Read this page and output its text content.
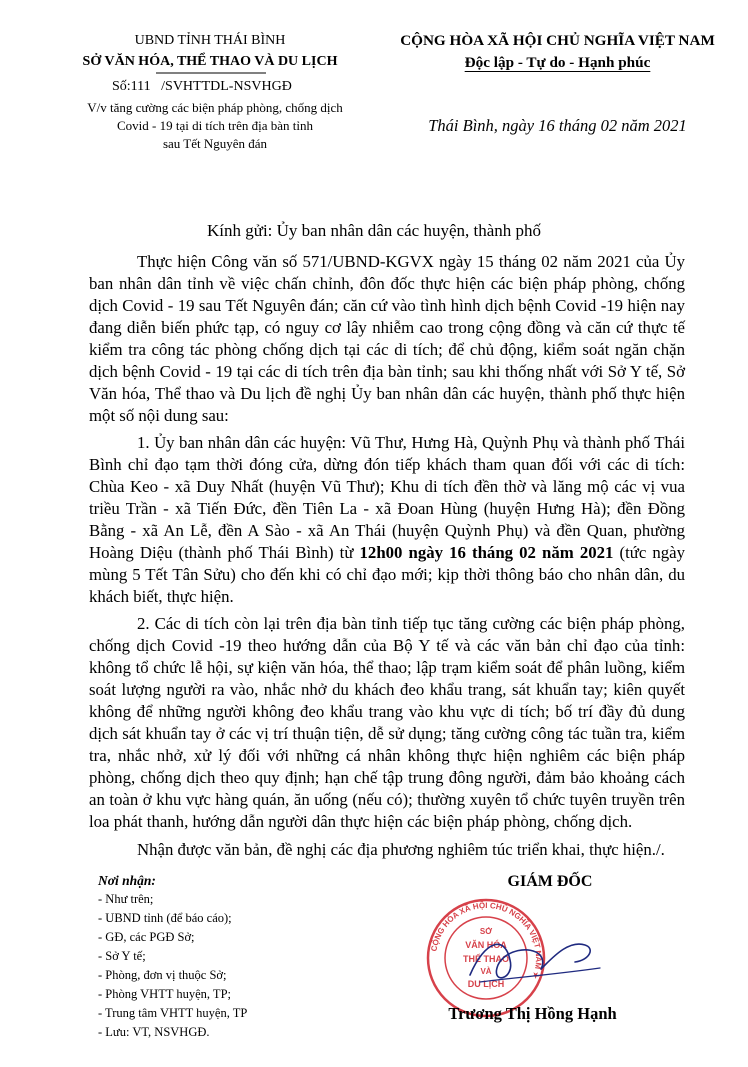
UBND TỈNH THÁI BÌNH
SỞ VĂN HÓA, THỂ THAO VÀ DU LỊCH
Số:111   /SVHTTDL-NSVHGĐ
V/v tăng cường các biện pháp phòng, chống dịch
Covid - 19 tại di tích trên địa bàn tỉnh
sau Tết Nguyên đán
CỘNG HÒA XÃ HỘI CHỦ NGHĨA VIỆT NAM
Độc lập - Tự do - Hạnh phúc
Thái Bình, ngày 16 tháng 02 năm 2021
Kính gửi: Ủy ban nhân dân các huyện, thành phố

Thực hiện Công văn số 571/UBND-KGVX ngày 15 tháng 02 năm 2021 của Ủy ban nhân dân tỉnh về việc chấn chỉnh, đôn đốc thực hiện các biện pháp phòng, chống dịch Covid - 19 sau Tết Nguyên đán; căn cứ vào tình hình dịch bệnh Covid -19 hiện nay đang diễn biến phức tạp, có nguy cơ lây nhiễm cao trong cộng đồng và căn cứ thực tế kiểm tra công tác phòng chống dịch tại các di tích; để chủ động, kiểm soát ngăn chặn dịch bệnh Covid - 19 tại các di tích trên địa bàn tỉnh; sau khi thống nhất với Sở Y tế, Sở Văn hóa, Thể thao và Du lịch đề nghị Ủy ban nhân dân các huyện, thành phố thực hiện một số nội dung sau:

1. Ủy ban nhân dân các huyện: Vũ Thư, Hưng Hà, Quỳnh Phụ và thành phố Thái Bình chỉ đạo tạm thời đóng cửa, dừng đón tiếp khách tham quan đối với các di tích: Chùa Keo - xã Duy Nhất (huyện Vũ Thư); Khu di tích đền thờ và lăng mộ các vị vua triều Trần - xã Tiến Đức, đền Tiên La - xã Đoan Hùng (huyện Hưng Hà); đền Đồng Bằng - xã An Lễ, đền A Sào - xã An Thái (huyện Quỳnh Phụ) và đền Quan, phường Hoàng Diệu (thành phố Thái Bình) từ 12h00 ngày 16 tháng 02 năm 2021 (tức ngày mùng 5 Tết Tân Sửu) cho đến khi có chỉ đạo mới; kịp thời thông báo cho nhân dân, du khách biết, thực hiện.

2. Các di tích còn lại trên địa bàn tỉnh tiếp tục tăng cường các biện pháp phòng, chống dịch Covid -19 theo hướng dẫn của Bộ Y tế và các văn bản chỉ đạo của tỉnh: không tổ chức lễ hội, sự kiện văn hóa, thể thao; lập trạm kiểm soát để phân luồng, kiểm soát lượng người ra vào, nhắc nhở du khách đeo khẩu trang, sát khuẩn tay; kiên quyết không để những người không đeo khẩu trang vào khu vực di tích; bố trí đầy đủ dung dịch sát khuẩn tay ở các vị trí thuận tiện, dễ sử dụng; tăng cường công tác tuần tra, kiểm tra, nhắc nhở, xử lý đối với những cá nhân không thực hiện nghiêm các biện pháp phòng, chống dịch theo quy định; hạn chế tập trung đông người, đảm bảo khoảng cách an toàn ở khu vực hàng quán, ăn uống (nếu có); thường xuyên tổ chức tuyên truyền trên loa phát thanh, hướng dẫn người dân thực hiện các biện pháp phòng, chống dịch.

Nhận được văn bản, đề nghị các địa phương nghiêm túc triển khai, thực hiện./.

Nơi nhận:
- Như trên;
- UBND tỉnh (để báo cáo);
- GĐ, các PGĐ Sở;
- Sở Y tế;
- Phòng, đơn vị thuộc Sở;
- Phòng VHTT huyện, TP;
- Trung tâm VHTT huyện, TP
- Lưu: VT, NSVHGĐ.
GIÁM ĐỐC
CỘNG HÒA XÃ HỘI CHỦ NGHĨA VIỆT NAM ★
SỞ
VĂN HÓA
THỂ THAO
VÀ
DU LỊCH
Trương Thị Hồng Hạnh
